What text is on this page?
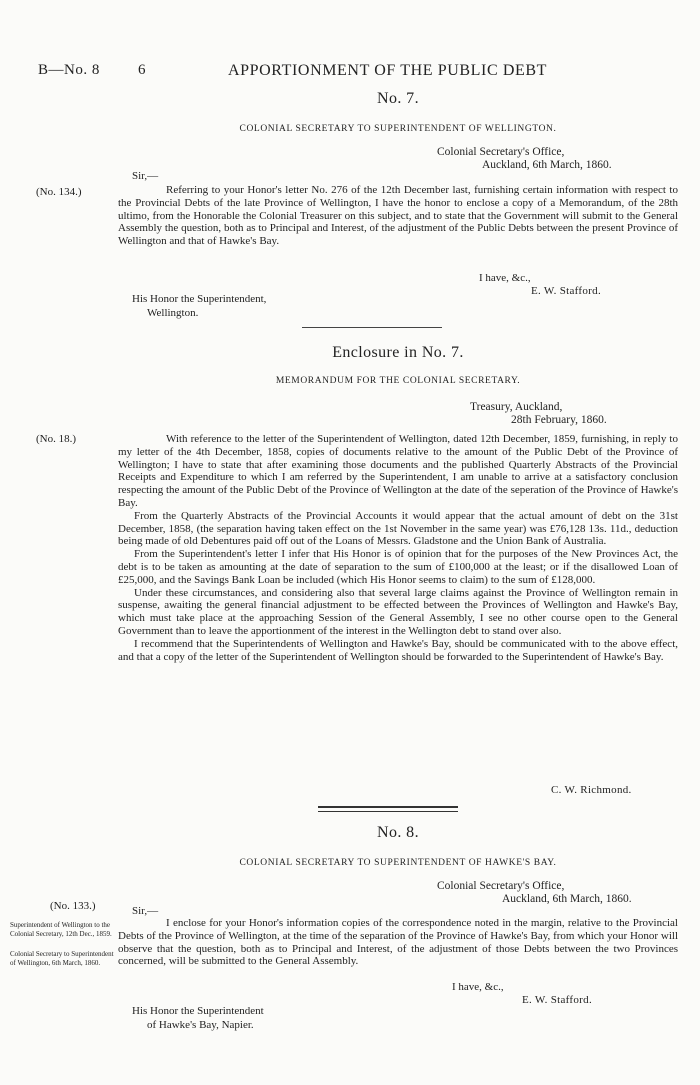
B—No. 8	6	APPORTIONMENT OF THE PUBLIC DEBT
No. 7.
COLONIAL SECRETARY TO SUPERINTENDENT OF WELLINGTON.
Colonial Secretary's Office,
Auckland, 6th March, 1860.
Sir,—
(No. 134.)	Referring to your Honor's letter No. 276 of the 12th December last, furnishing certain information with respect to the Provincial Debts of the late Province of Wellington, I have the honor to enclose a copy of a Memorandum, of the 28th ultimo, from the Honorable the Colonial Treasurer on this subject, and to state that the Government will submit to the General Assembly the question, both as to Principal and Interest, of the adjustment of the Public Debts between the present Province of Wellington and that of Hawke's Bay.

I have, &c.,
E. W. Stafford.
His Honor the Superintendent,
Wellington.
Enclosure in No. 7.
MEMORANDUM FOR THE COLONIAL SECRETARY.
Treasury, Auckland,
28th February, 1860.
(No. 18.)	With reference to the letter of the Superintendent of Wellington, dated 12th December, 1859, furnishing, in reply to my letter of the 4th December, 1858, copies of documents relative to the amount of the Public Debt of the Province of Wellington; I have to state that after examining those documents and the published Quarterly Abstracts of the Provincial Receipts and Expenditure to which I am referred by the Superintendent, I am unable to arrive at a satisfactory conclusion respecting the amount of the Public Debt of the Province of Wellington at the date of the seperation of the Province of Hawke's Bay.

From the Quarterly Abstracts of the Provincial Accounts it would appear that the actual amount of debt on the 31st December, 1858, (the separation having taken effect on the 1st November in the same year) was £76,128 13s. 11d., deduction being made of old Debentures paid off out of the Loans of Messrs. Gladstone and the Union Bank of Australia.

From the Superintendent's letter I infer that His Honor is of opinion that for the purposes of the New Provinces Act, the debt is to be taken as amounting at the date of separation to the sum of £100,000 at the least; or if the disallowed Loan of £25,000, and the Savings Bank Loan be included (which His Honor seems to claim) to the sum of £128,000.

Under these circumstances, and considering also that several large claims against the Province of Wellington remain in suspense, awaiting the general financial adjustment to be effected between the Provinces of Wellington and Hawke's Bay, which must take place at the approaching Session of the General Assembly, I see no other course open to the General Government than to leave the apportionment of the interest in the Wellington debt to stand over also.

I recommend that the Superintendents of Wellington and Hawke's Bay, should be communicated with to the above effect, and that a copy of the letter of the Superintendent of Wellington should be forwarded to the Superintendent of Hawke's Bay.

C. W. Richmond.
No. 8.
COLONIAL SECRETARY TO SUPERINTENDENT OF HAWKE'S BAY.
Colonial Secretary's Office,
Auckland, 6th March, 1860.
(No. 133.)	Sir,—
Superintendent of Wellington to the Colonial Secretary, 12th Dec., 1859.
Colonial Secretary to Superintendent of Wellington, 6th March, 1860.

I enclose for your Honor's information copies of the correspondence noted in the margin, relative to the Provincial Debts of the Province of Wellington, at the time of the separation of the Province of Hawke's Bay, from which your Honor will observe that the question, both as to Principal and Interest, of the adjustment of those Debts between the two Provinces concerned, will be submitted to the General Assembly.

I have, &c.,
E. W. Stafford.
His Honor the Superintendent
of Hawke's Bay, Napier.
